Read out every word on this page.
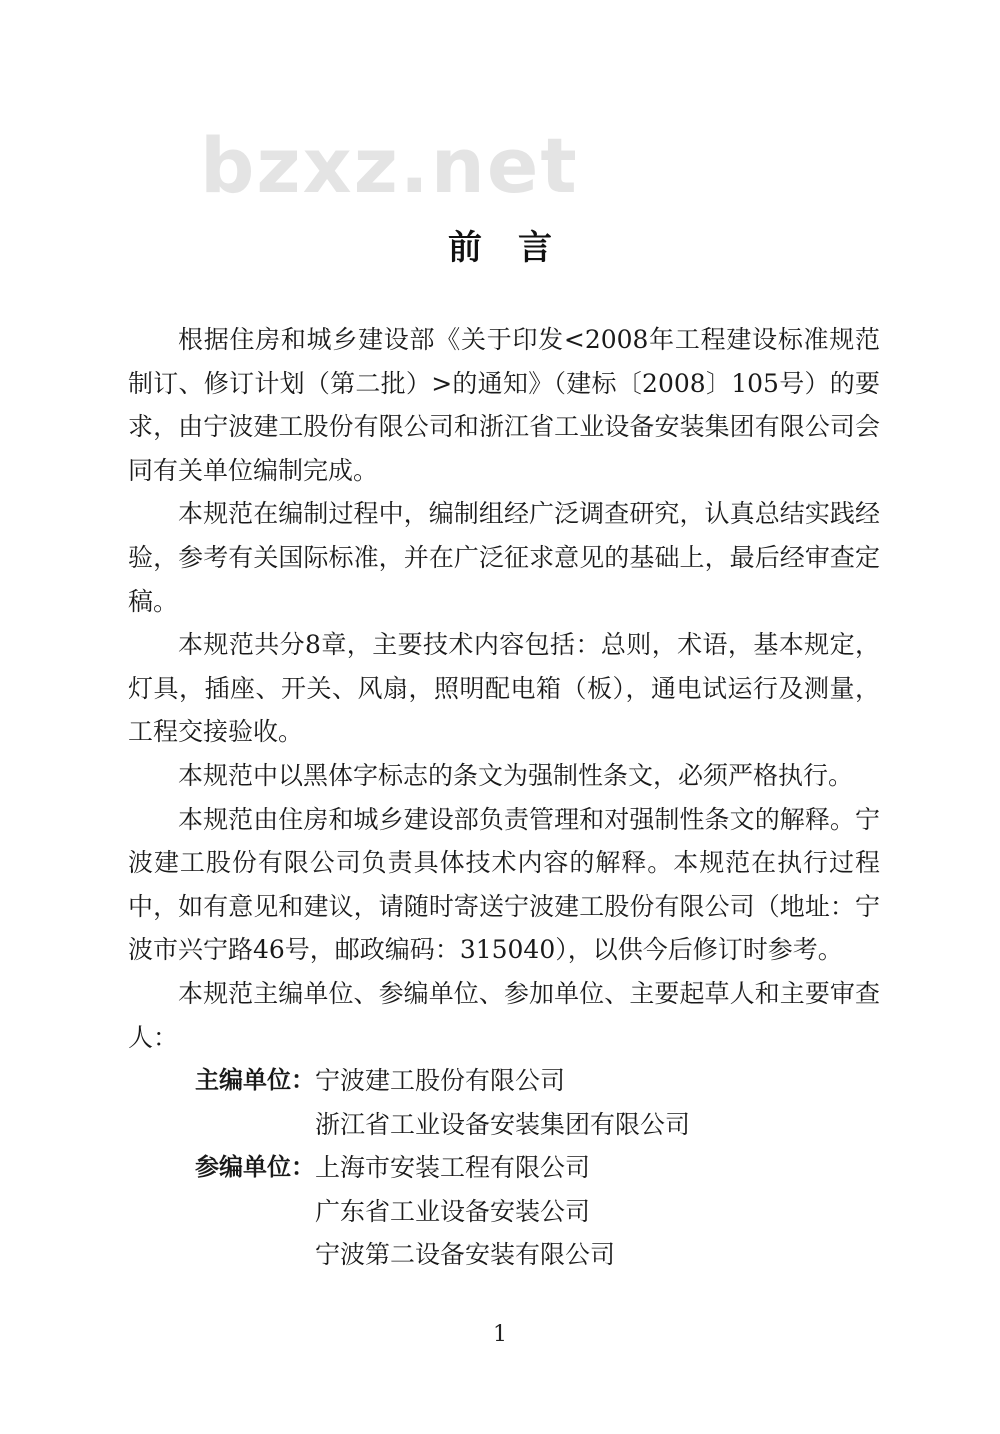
bzxz.net
前言

根据住房和城乡建设部《关于印发<2008年工程建设标准规范制订、修订计划（第二批）>的通知》（建标〔2008〕105号）的要求，由宁波建工股份有限公司和浙江省工业设备安装集团有限公司会同有关单位编制完成。

本规范在编制过程中，编制组经广泛调查研究，认真总结实践经验，参考有关国际标准，并在广泛征求意见的基础上，最后经审查定稿。

本规范共分8章，主要技术内容包括：总则，术语，基本规定，灯具，插座、开关、风扇，照明配电箱（板），通电试运行及测量，工程交接验收。

本规范中以黑体字标志的条文为强制性条文，必须严格执行。

本规范由住房和城乡建设部负责管理和对强制性条文的解释。宁波建工股份有限公司负责具体技术内容的解释。本规范在执行过程中，如有意见和建议，请随时寄送宁波建工股份有限公司（地址：宁波市兴宁路46号，邮政编码：315040），以供今后修订时参考。

本规范主编单位、参编单位、参加单位、主要起草人和主要审查人：

主编单位： 宁波建工股份有限公司
浙江省工业设备安装集团有限公司
参编单位： 上海市安装工程有限公司
广东省工业设备安装公司
宁波第二设备安装有限公司
1
